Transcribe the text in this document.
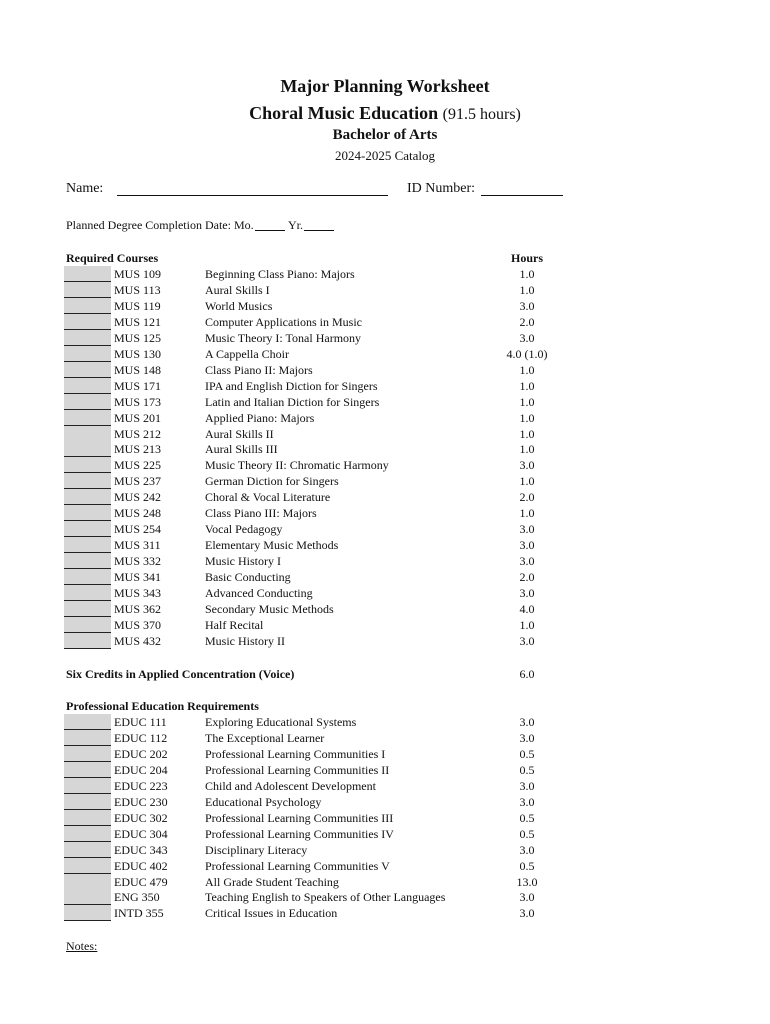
Major Planning Worksheet
Choral Music Education (91.5 hours)
Bachelor of Arts
2024-2025 Catalog
Name:	ID Number:
Planned Degree Completion Date: Mo.	Yr.
Required Courses	Hours
MUS 109	Beginning Class Piano: Majors	1.0
MUS 113	Aural Skills I	1.0
MUS 119	World Musics	3.0
MUS 121	Computer Applications in Music	2.0
MUS 125	Music Theory I: Tonal Harmony	3.0
MUS 130	A Cappella Choir	4.0 (1.0)
MUS 148	Class Piano II: Majors	1.0
MUS 171	IPA and English Diction for Singers	1.0
MUS 173	Latin and Italian Diction for Singers	1.0
MUS 201	Applied Piano: Majors	1.0
MUS 212	Aural Skills II	1.0
MUS 213	Aural Skills III	1.0
MUS 225	Music Theory II: Chromatic Harmony	3.0
MUS 237	German Diction for Singers	1.0
MUS 242	Choral & Vocal Literature	2.0
MUS 248	Class Piano III: Majors	1.0
MUS 254	Vocal Pedagogy	3.0
MUS 311	Elementary Music Methods	3.0
MUS 332	Music History I	3.0
MUS 341	Basic Conducting	2.0
MUS 343	Advanced Conducting	3.0
MUS 362	Secondary Music Methods	4.0
MUS 370	Half Recital	1.0
MUS 432	Music History II	3.0
Six Credits in Applied Concentration (Voice)	6.0
Professional Education Requirements
EDUC 111	Exploring Educational Systems	3.0
EDUC 112	The Exceptional Learner	3.0
EDUC 202	Professional Learning Communities I	0.5
EDUC 204	Professional Learning Communities II	0.5
EDUC 223	Child and Adolescent Development	3.0
EDUC 230	Educational Psychology	3.0
EDUC 302	Professional Learning Communities III	0.5
EDUC 304	Professional Learning Communities IV	0.5
EDUC 343	Disciplinary Literacy	3.0
EDUC 402	Professional Learning Communities V	0.5
EDUC 479	All Grade Student Teaching	13.0
ENG 350	Teaching English to Speakers of Other Languages	3.0
INTD 355	Critical Issues in Education	3.0
Notes:
